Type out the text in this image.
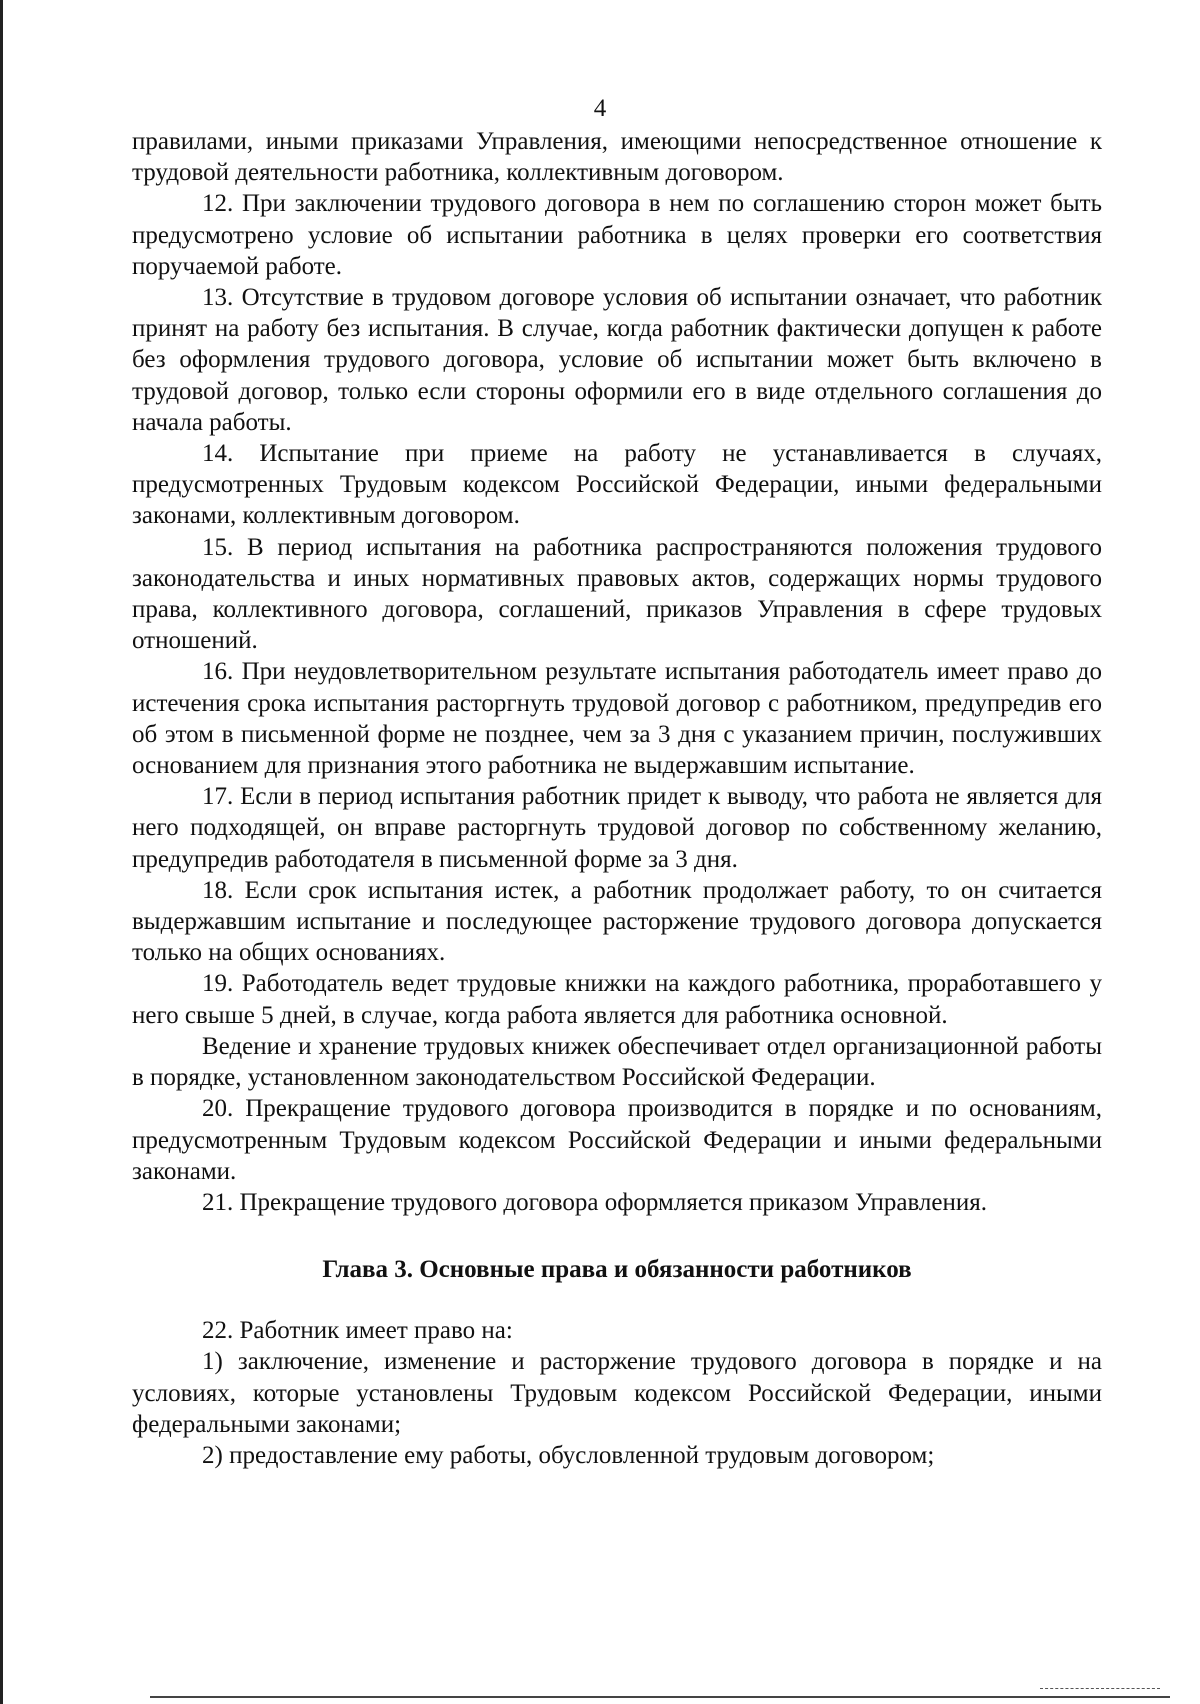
4

правилами, иными приказами Управления, имеющими непосредственное отношение к трудовой деятельности работника, коллективным договором.

12. При заключении трудового договора в нем по соглашению сторон может быть предусмотрено условие об испытании работника в целях проверки его соответствия поручаемой работе.

13. Отсутствие в трудовом договоре условия об испытании означает, что работник принят на работу без испытания. В случае, когда работник фактически допущен к работе без оформления трудового договора, условие об испытании может быть включено в трудовой договор, только если стороны оформили его в виде отдельного соглашения до начала работы.

14. Испытание при приеме на работу не устанавливается в случаях, предусмотренных Трудовым кодексом Российской Федерации, иными федеральными законами, коллективным договором.

15. В период испытания на работника распространяются положения трудового законодательства и иных нормативных правовых актов, содержащих нормы трудового права, коллективного договора, соглашений, приказов Управления в сфере трудовых отношений.

16. При неудовлетворительном результате испытания работодатель имеет право до истечения срока испытания расторгнуть трудовой договор с работником, предупредив его об этом в письменной форме не позднее, чем за 3 дня с указанием причин, послуживших основанием для признания этого работника не выдержавшим испытание.

17. Если в период испытания работник придет к выводу, что работа не является для него подходящей, он вправе расторгнуть трудовой договор по собственному желанию, предупредив работодателя в письменной форме за 3 дня.

18. Если срок испытания истек, а работник продолжает работу, то он считается выдержавшим испытание и последующее расторжение трудового договора допускается только на общих основаниях.

19. Работодатель ведет трудовые книжки на каждого работника, проработавшего у него свыше 5 дней, в случае, когда работа является для работника основной.

Ведение и хранение трудовых книжек обеспечивает отдел организационной работы в порядке, установленном законодательством Российской Федерации.

20. Прекращение трудового договора производится в порядке и по основаниям, предусмотренным Трудовым кодексом Российской Федерации и иными федеральными законами.

21. Прекращение трудового договора оформляется приказом Управления.

Глава 3. Основные права и обязанности работников

22. Работник имеет право на:

1) заключение, изменение и расторжение трудового договора в порядке и на условиях, которые установлены Трудовым кодексом Российской Федерации, иными федеральными законами;

2) предоставление ему работы, обусловленной трудовым договором;
